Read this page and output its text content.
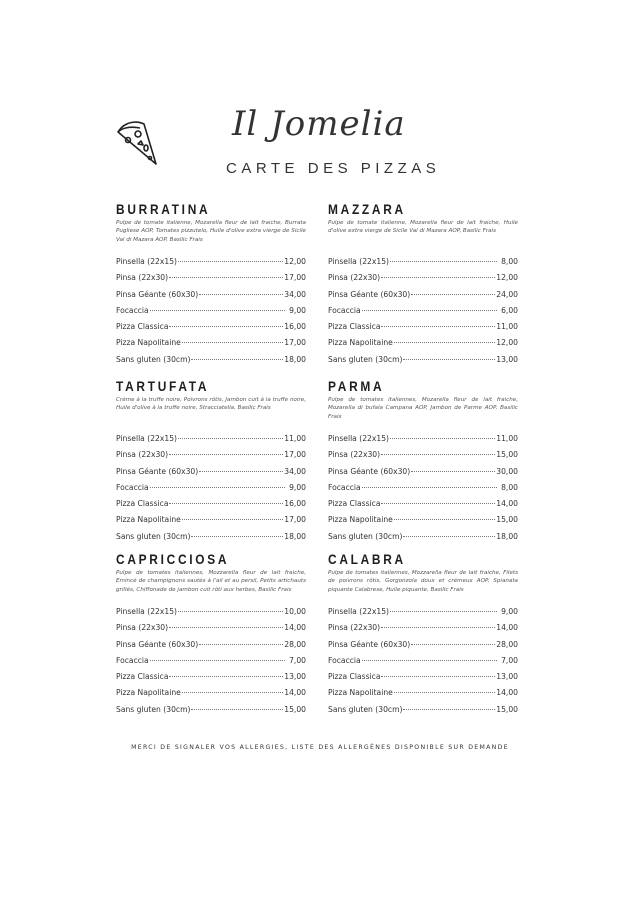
Il Jomelia
CARTE DES PIZZAS
BURRATINA
Pulpe de tomate italienne, Mozarella fleur de lait fraiche, Burrata Pugliese AOP, Tomates pizzutelo, Huile d'olive extra vierge de Sicile Val di Mazara AOP, Basilic Frais
Pinsella (22x15)	12,00
Pinsa (22x30)	17,00
Pinsa Géante (60x30)	34,00
Focaccia	9,00
Pizza Classica	16,00
Pizza Napolitaine	17,00
Sans gluten (30cm)	18,00
MAZZARA
Pulpe de tomate italienne, Mozarella fleur de lait fraiche, Huile d'olive extra vierge de Sicile Val di Mazara AOP, Basilic Frais
Pinsella (22x15)	8,00
Pinsa (22x30)	12,00
Pinsa Géante (60x30)	24,00
Focaccia	6,00
Pizza Classica	11,00
Pizza Napolitaine	12,00
Sans gluten (30cm)	13,00
TARTUFATA
Crème à la truffe noire, Poivrons rôtis, Jambon cuit à la truffe noire, Huile d'olive à la truffe noire, Stracciatella, Basilic Frais
Pinsella (22x15)	11,00
Pinsa (22x30)	17,00
Pinsa Géante (60x30)	34,00
Focaccia	9,00
Pizza Classica	16,00
Pizza Napolitaine	17,00
Sans gluten (30cm)	18,00
PARMA
Pulpe de tomates italiennes, Mozarella fleur de lait fraiche, Mozarella di bufala Campana AOP, Jambon de Parme AOP, Basilic Frais
Pinsella (22x15)	11,00
Pinsa (22x30)	15,00
Pinsa Géante (60x30)	30,00
Focaccia	8,00
Pizza Classica	14,00
Pizza Napolitaine	15,00
Sans gluten (30cm)	18,00
CAPRICCIOSA
Pulpe de tomates italiennes, Mozzarella fleur de lait fraiche, Emincé de champignons sautés à l'ail et au persil, Petits artichauts grillés, Chiffonade de jambon cuit rôti aux herbes, Basilic Frais
Pinsella (22x15)	10,00
Pinsa (22x30)	14,00
Pinsa Géante (60x30)	28,00
Focaccia	7,00
Pizza Classica	13,00
Pizza Napolitaine	14,00
Sans gluten (30cm)	15,00
CALABRA
Pulpe de tomates italiennes, Mozzarella fleur de lait fraiche, Filets de poivrons rôtis, Gorgonzola doux et crémeux AOP, Spianata piquante Calabrese, Huile piquante, Basilic Frais
Pinsella (22x15)	9,00
Pinsa (22x30)	14,00
Pinsa Géante (60x30)	28,00
Focaccia	7,00
Pizza Classica	13,00
Pizza Napolitaine	14,00
Sans gluten (30cm)	15,00
MERCI DE SIGNALER VOS ALLERGIES, LISTE DES ALLERGÈNES DISPONIBLE SUR DEMANDE
